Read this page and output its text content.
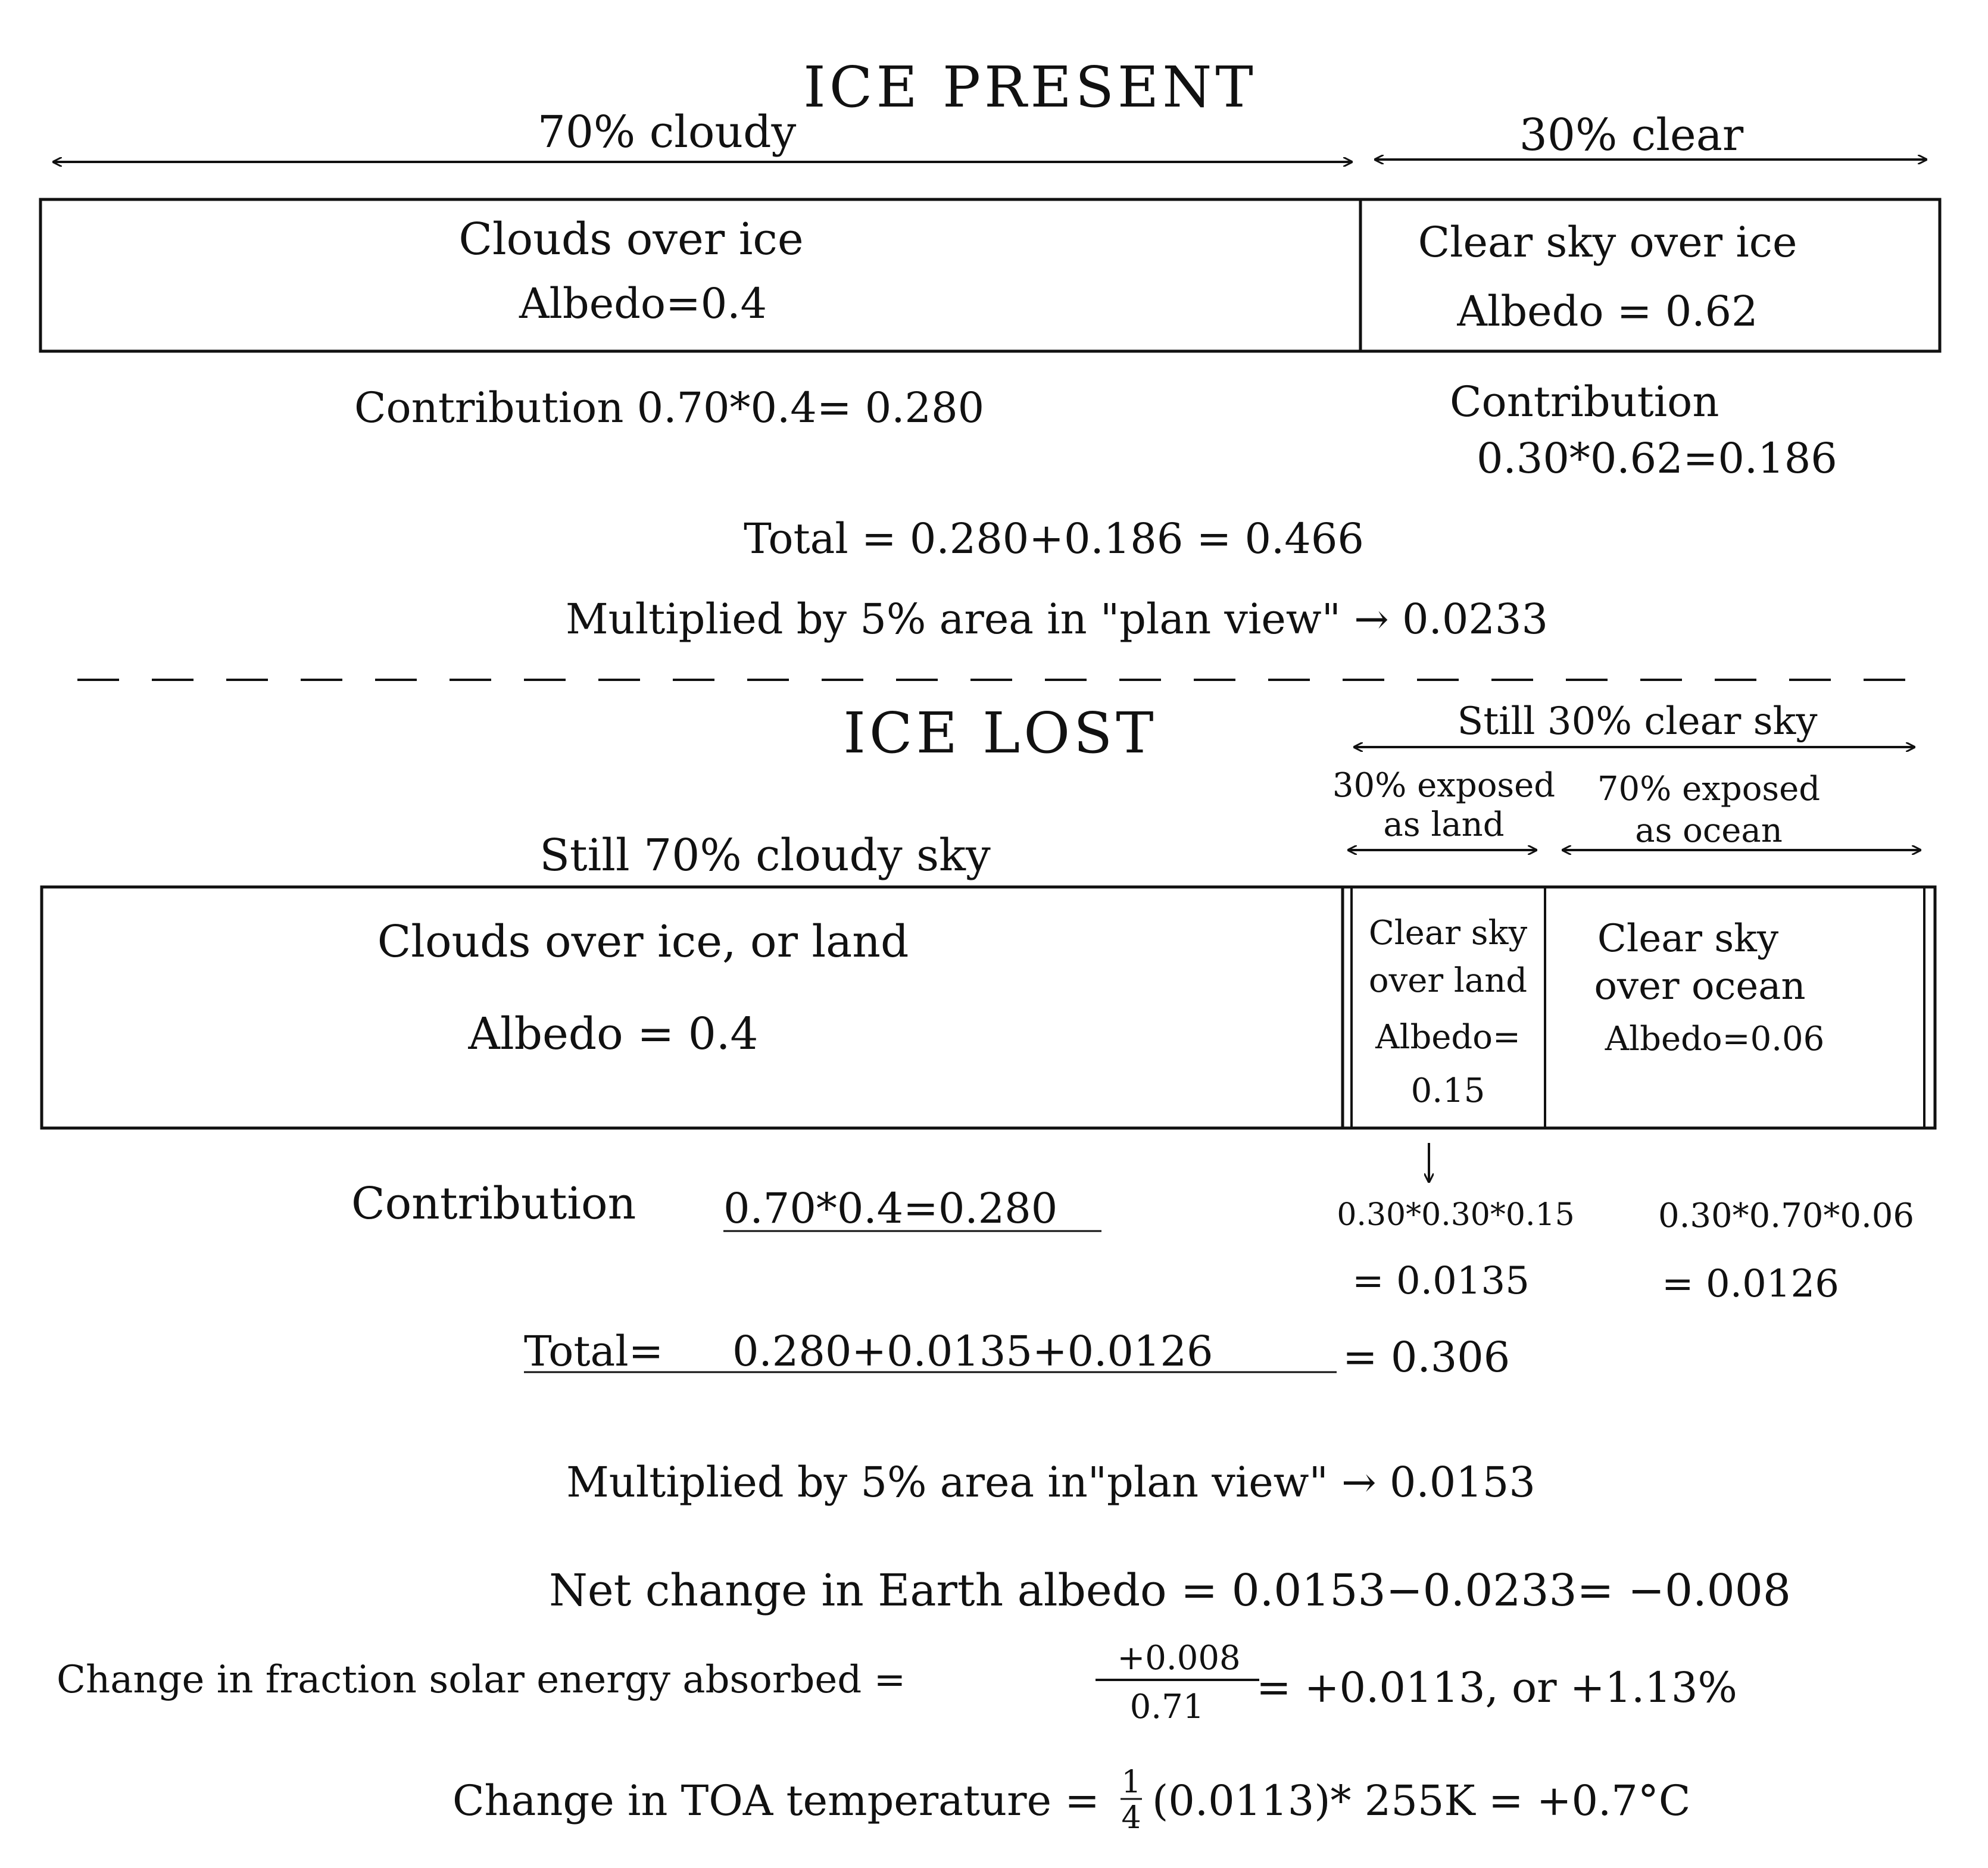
ICE PRESENT
70% cloudy	30% clear
Clouds over ice
Albedo=0.4
Clear sky over ice
Albedo = 0.62
Contribution 0.70*0.4= 0.280	Contribution
0.30*0.62=0.186
Total = 0.280+0.186 = 0.466
Multiplied by 5% area in "plan view" → 0.0233
ICE LOST	Still 30% clear sky
30% exposed
as land
70% exposed
as ocean
Still 70% cloudy sky
Clouds over ice, or land
Albedo = 0.4
Clear sky
over land
Albedo=
0.15
Clear sky
over ocean
Albedo=0.06
Contribution 0.70*0.4=0.280	0.30*0.30*0.15
= 0.0135
0.30*0.70*0.06
= 0.0126
Total= 0.280+0.0135+0.0126	= 0.306
Multiplied by 5% area in"plan view" → 0.0153
Net change in Earth albedo = 0.0153−0.0233= −0.008
Change in fraction solar energy absorbed =	+0.008
0.71 = +0.0113, or +1.13%
Change in TOA temperature = 1
4 (0.0113)* 255K = +0.7°C
